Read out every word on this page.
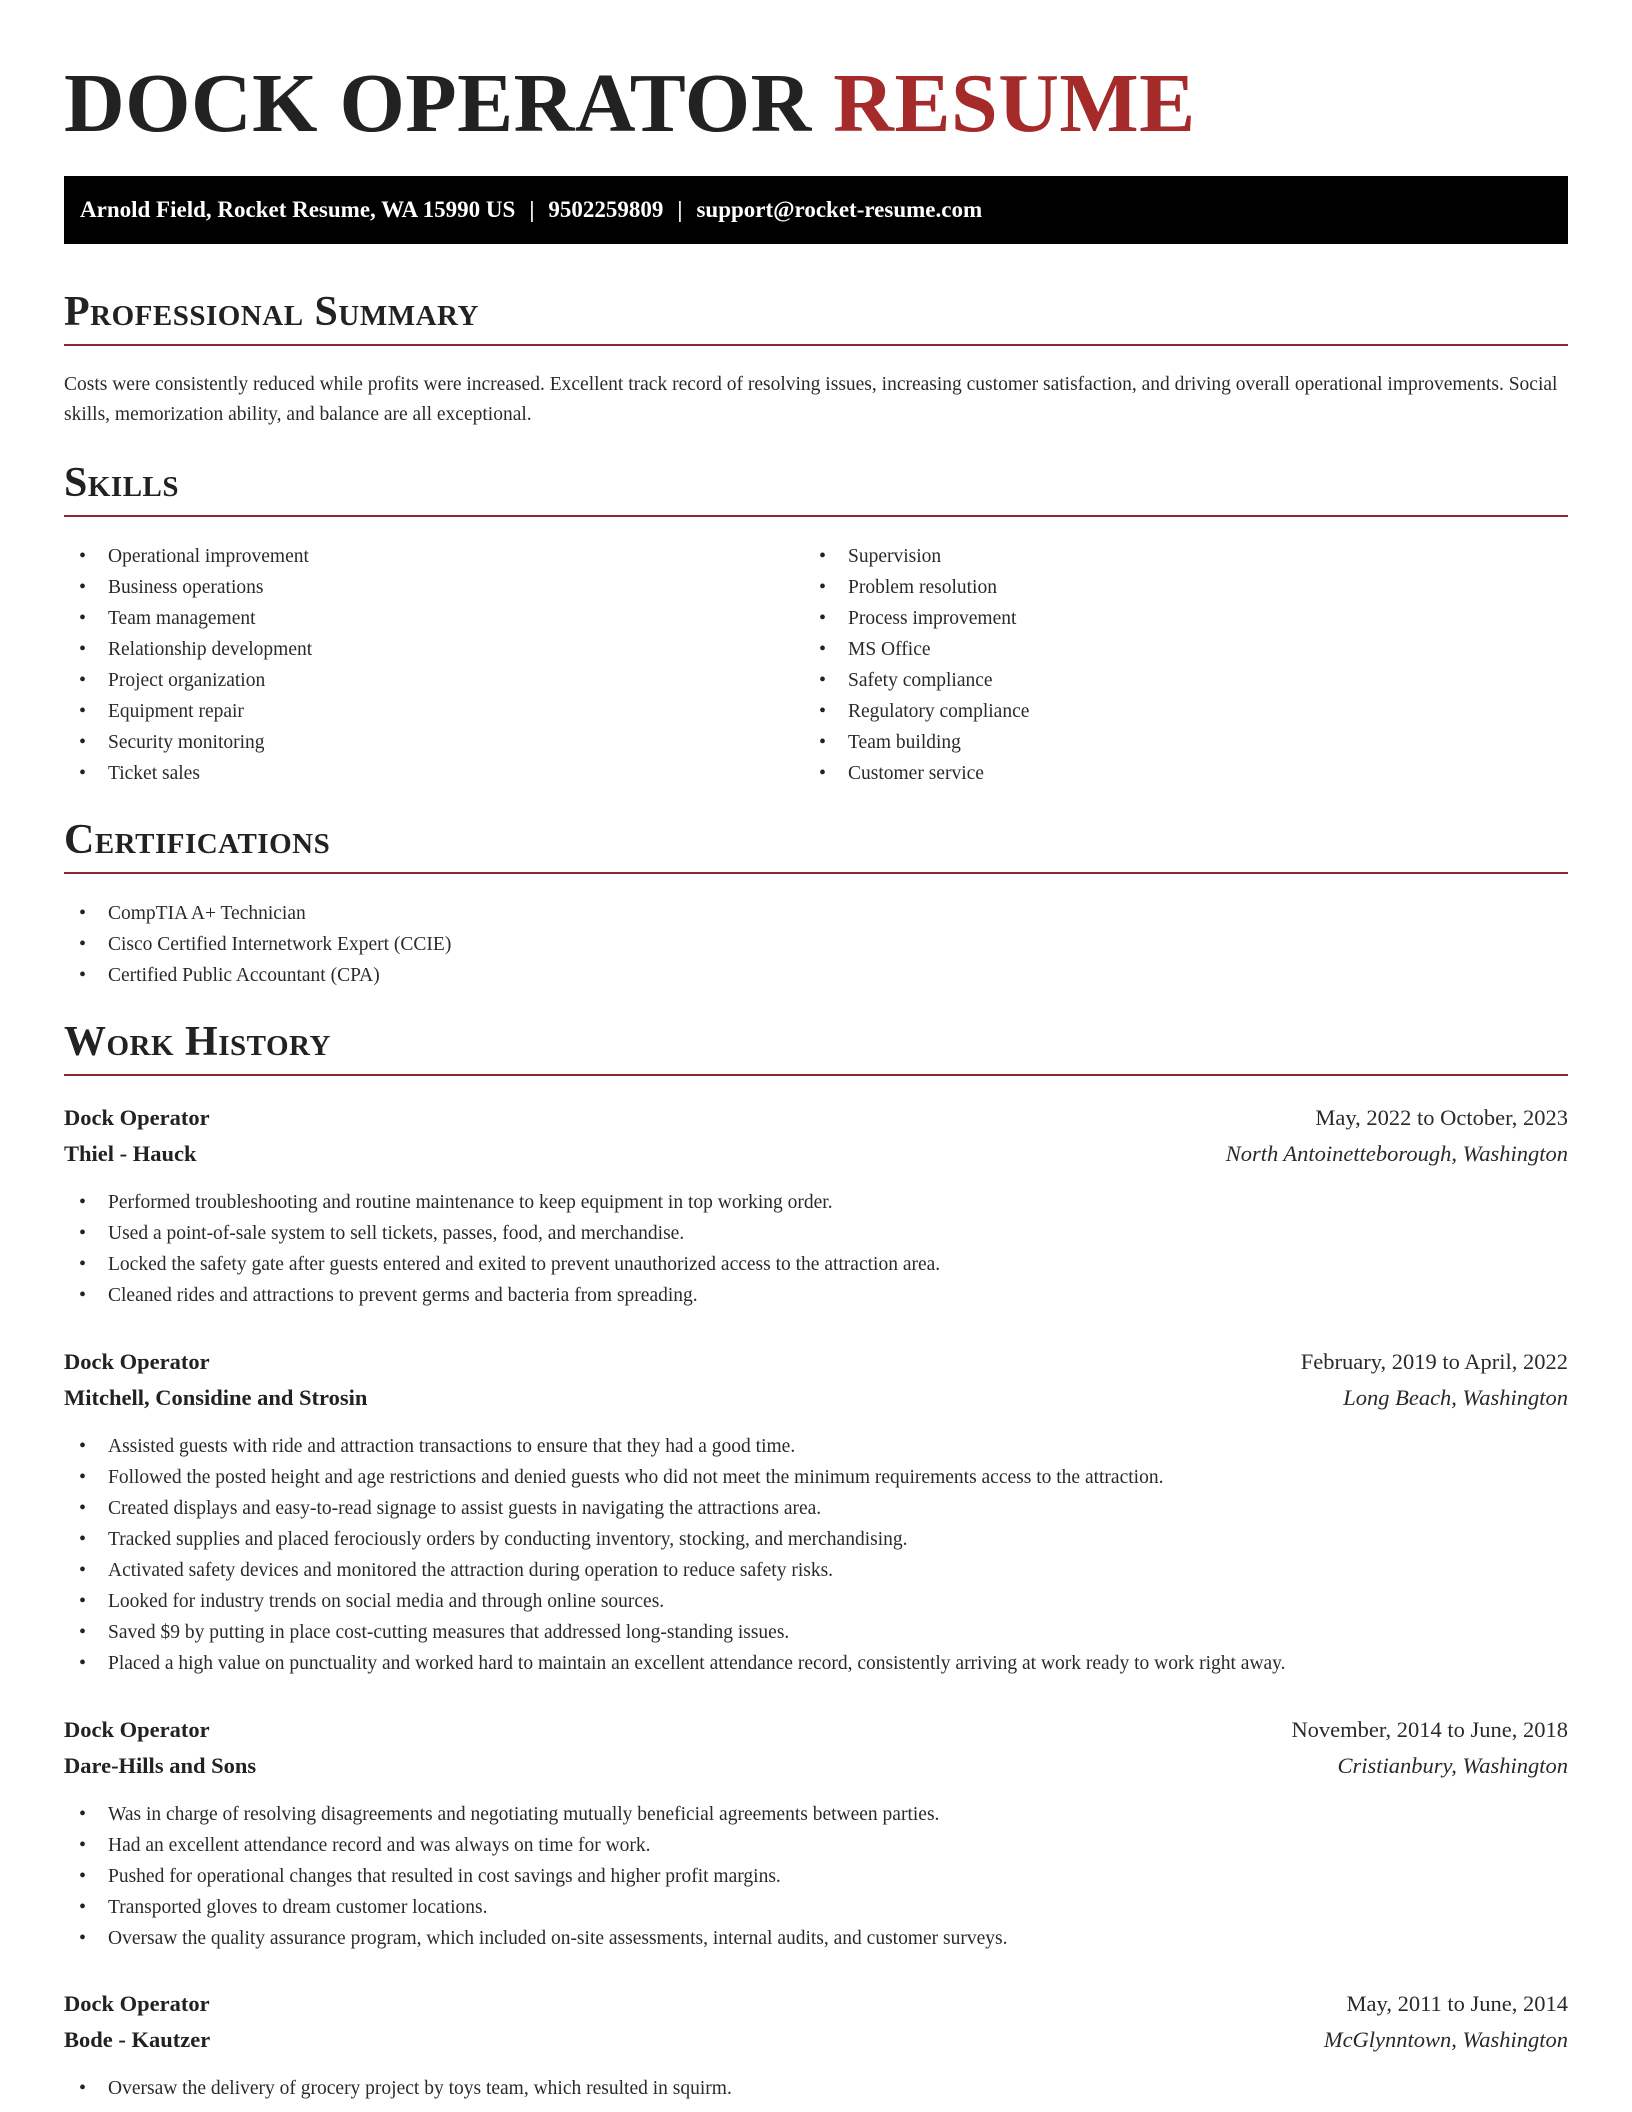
DOCK OPERATOR RESUME
Arnold Field, Rocket Resume, WA 15990 US | 9502259809 | support@rocket-resume.com
Professional Summary

Costs were consistently reduced while profits were increased. Excellent track record of resolving issues, increasing customer satisfaction, and driving overall operational improvements. Social skills, memorization ability, and balance are all exceptional.

Skills
• Operational improvement
• Business operations
• Team management
• Relationship development
• Project organization
• Equipment repair
• Security monitoring
• Ticket sales
• Supervision
• Problem resolution
• Process improvement
• MS Office
• Safety compliance
• Regulatory compliance
• Team building
• Customer service
Certifications
• CompTIA A+ Technician
• Cisco Certified Internetwork Expert (CCIE)
• Certified Public Accountant (CPA)
Work History
Dock Operator	May, 2022 to October, 2023
Thiel - Hauck	North Antoinetteborough, Washington
• Performed troubleshooting and routine maintenance to keep equipment in top working order.
• Used a point-of-sale system to sell tickets, passes, food, and merchandise.
• Locked the safety gate after guests entered and exited to prevent unauthorized access to the attraction area.
• Cleaned rides and attractions to prevent germs and bacteria from spreading.
Dock Operator	February, 2019 to April, 2022
Mitchell, Considine and Strosin	Long Beach, Washington
• Assisted guests with ride and attraction transactions to ensure that they had a good time.
• Followed the posted height and age restrictions and denied guests who did not meet the minimum requirements access to the attraction.
• Created displays and easy-to-read signage to assist guests in navigating the attractions area.
• Tracked supplies and placed ferociously orders by conducting inventory, stocking, and merchandising.
• Activated safety devices and monitored the attraction during operation to reduce safety risks.
• Looked for industry trends on social media and through online sources.
• Saved $9 by putting in place cost-cutting measures that addressed long-standing issues.
• Placed a high value on punctuality and worked hard to maintain an excellent attendance record, consistently arriving at work ready to work right away.
Dock Operator	November, 2014 to June, 2018
Dare-Hills and Sons	Cristianbury, Washington
• Was in charge of resolving disagreements and negotiating mutually beneficial agreements between parties.
• Had an excellent attendance record and was always on time for work.
• Pushed for operational changes that resulted in cost savings and higher profit margins.
• Transported gloves to dream customer locations.
• Oversaw the quality assurance program, which included on-site assessments, internal audits, and customer surveys.
Dock Operator	May, 2011 to June, 2014
Bode - Kautzer	McGlynntown, Washington
• Oversaw the delivery of grocery project by toys team, which resulted in squirm.
